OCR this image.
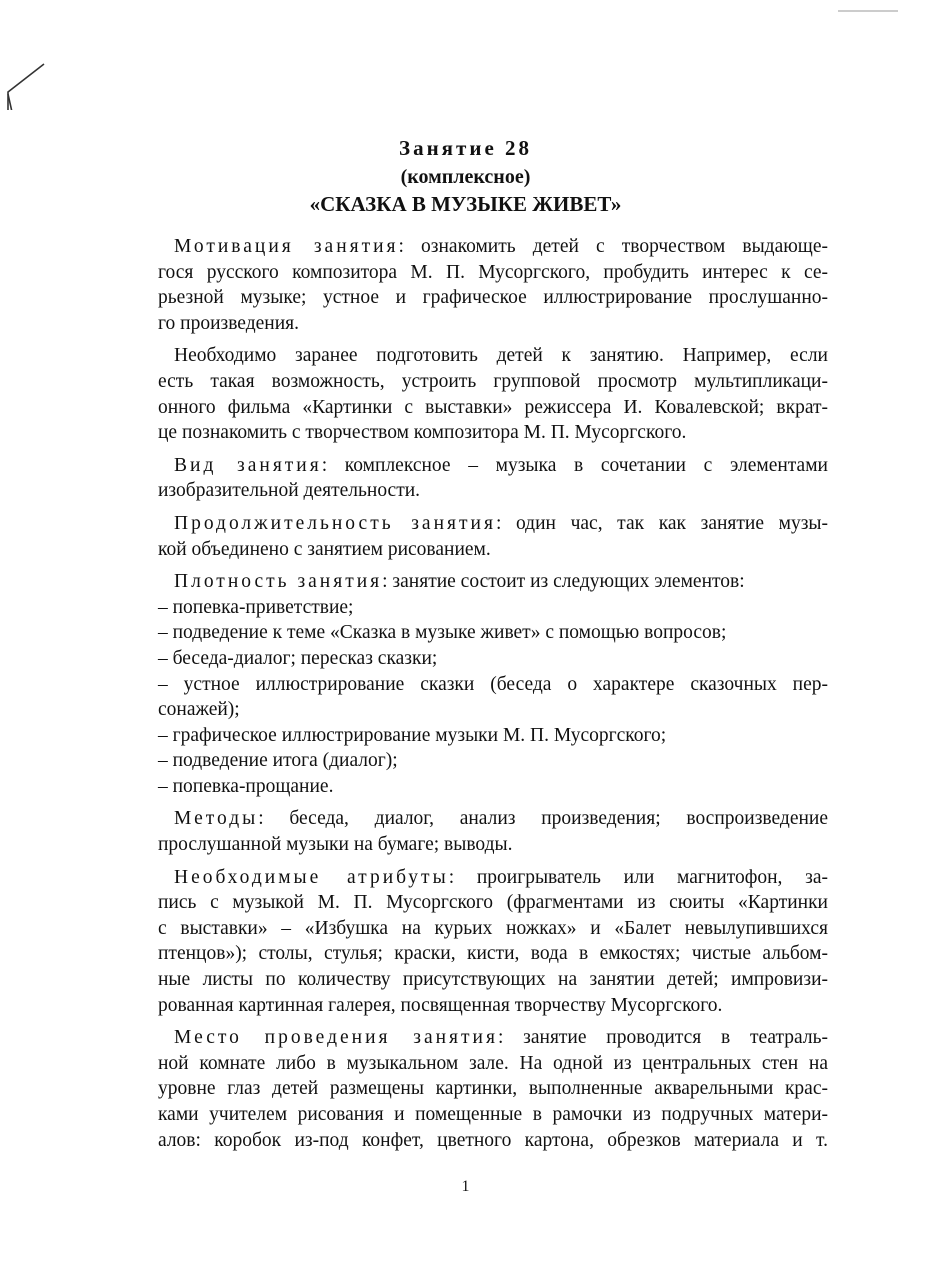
Занятие 28
(комплексное)
«СКАЗКА В МУЗЫКЕ ЖИВЕТ»
Мотивация занятия: ознакомить детей с творчеством выдающе-
гося русского композитора М. П. Мусоргского, пробудить интерес к се-
рьезной музыке; устное и графическое иллюстрирование прослушанно-
го произведения.
Необходимо заранее подготовить детей к занятию. Например, если
есть такая возможность, устроить групповой просмотр мультипликаци-
онного фильма «Картинки с выставки» режиссера И. Ковалевской; вкрат-
це познакомить с творчеством композитора М. П. Мусоргского.
Вид занятия: комплексное – музыка в сочетании с элементами
изобразительной деятельности.
Продолжительность занятия: один час, так как занятие музы-
кой объединено с занятием рисованием.
Плотность занятия: занятие состоит из следующих элементов:
– попевка-приветствие;
– подведение к теме «Сказка в музыке живет» с помощью вопросов;
– беседа-диалог; пересказ сказки;
– устное иллюстрирование сказки (беседа о характере сказочных пер-
сонажей);
– графическое иллюстрирование музыки М. П. Мусоргского;
– подведение итога (диалог);
– попевка-прощание.
Методы: беседа, диалог, анализ произведения; воспроизведение
прослушанной музыки на бумаге; выводы.
Необходимые атрибуты: проигрыватель или магнитофон, за-
пись с музыкой М. П. Мусоргского (фрагментами из сюиты «Картинки
с выставки» – «Избушка на курьих ножках» и «Балет невылупившихся
птенцов»); столы, стулья; краски, кисти, вода в емкостях; чистые альбом-
ные листы по количеству присутствующих на занятии детей; импровизи-
рованная картинная галерея, посвященная творчеству Мусоргского.
Место проведения занятия: занятие проводится в театраль-
ной комнате либо в музыкальном зале. На одной из центральных стен на
уровне глаз детей размещены картинки, выполненные акварельными крас-
ками учителем рисования и помещенные в рамочки из подручных матери-
алов: коробок из-под конфет, цветного картона, обрезков материала и т.
1
